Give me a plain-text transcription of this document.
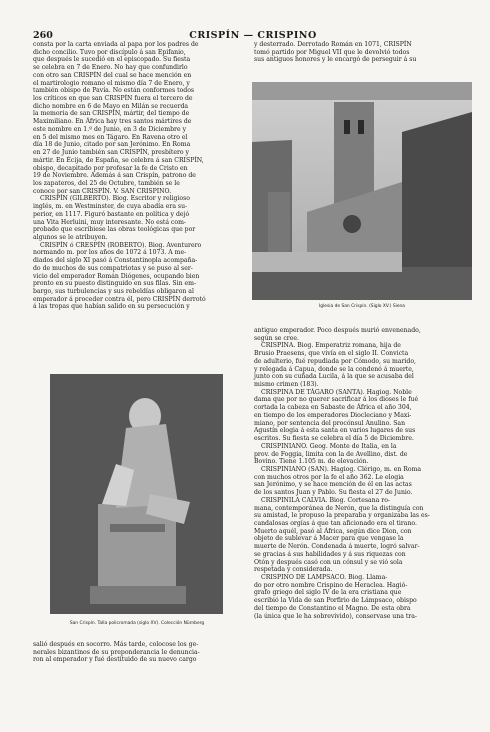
260	CRISPÍN — CRISPINO

consta por la carta enviada al papa por los padres de

dicho concilio. Tuvo por discípulo á san Epifanio,

que después le sucedió en el episcopado. Su fiesta

se celebra en 7 de Enero. No hay que confundirlo

con otro san CRISPÍN del cual se hace mención en

el martirologio romano el mismo día 7 de Enero, y

también obispo de Pavía. No están conformes todos

los críticos en que san CRISPÍN fuera el tercero de

dicho nombre en 6 de Mayo en Milán se recuerda

la memoria de san CRISPÍN, mártir, del tiempo de

Maximiliano. En África hay tres santos mártires de

este nombre en 1.º de Junio, en 3 de Diciembre y

en 5 del mismo mes en Tágaro. En Ravena otro el

día 18 de Junio, citado por san Jerónimo. En Roma

en 27 de Junio también san CRISPÍN, presbítero y

mártir. En Écija, de España, se celebra á san CRISPÍN,

obispo, decapitado por profesar la fe de Cristo en

19 de Noviembre. Además á san Crispín, patrono de

los zapateros, del 25 de Octubre, también se le

conoce por san CRISPÍN. V. SAN CRISPINO.

CRISPÍN (GILBERTO). Biog. Escritor y religioso

inglés, m. en Westminster, de cuya abadía era su-

perior, en 1117. Figuró bastante en política y dejó

una Vita Herluini, muy interesante. No está com-

probado que escribiese las obras teológicas que por

algunos se le atribuyen.

CRISPÍN ó CRESPÍN (ROBERTO). Biog. Aventurero

normando m. por los años de 1072 á 1073. A me-

diados del siglo XI pasó á Constantinopla acompaña-

do de muchos de sus compatriotas y se puso al ser-

vicio del emperador Román Diógenes, ocupando bien

pronto en su puesto distinguido en sus filas. Sin em-

bargo, sus turbulencias y sus rebeldías obligaron al

emperador á proceder contra él, pero CRISPÍN derrotó

á las tropas que habían salido en su persecución y

salió después en socorro. Más tarde, colocose los ge-

nerales bizantinos de su preponderancia le denuncia-

ron al emperador y fué destituido de su nuevo cargo

y desterrado. Derrotado Román en 1071, CRISPÍN

tomó partido por Miguel VII que le devolvió todos

sus antiguos honores y le encargó de perseguir á su

antiguo emperador. Poco después murió envenenado,

según se cree.

CRISPINA. Biog. Emperatriz romana, hija de

Brusio Praesens, que vivía en el siglo II. Convicta

de adulterio, fué repudiada por Cómodo, su marido,

y relegada á Capua, donde se la condenó á muerte,

junto con su cuñada Lucila, á la que se acusaba del

mismo crimen (183).

CRISPINA DE TÁGARO (SANTA). Hagiog. Noble

dama que por no querer sacrificar á los dioses le fué

cortada la cabeza en Sabaste de África el año 304,

en tiempo de los emperadores Diocleciano y Maxi-

miano, por sentencia del procónsul Anulino. San

Agustín elogia á esta santa en varios lugares de sus

escritos. Su fiesta se celebra el día 5 de Diciembre.

CRISPINIANO. Geog. Monte de Italia, en la

prov. de Foggia, limita con la de Avellino, dist. de

Bovino. Tiene 1.105 m. de elevación.

CRISPINIANO (SAN). Hagiog. Clérigo, m. en Roma

con muchos otros por la fe el año 362. Le elogia

san Jerónimo, y se hace mención de él en las actas

de los santos Juan y Pablo. Su fiesta el 27 de Junio.

CRISPINILA CALVIA. Biog. Cortesana ro-

mana, contemporánea de Nerón, que la distinguía con

su amistad, le propuso la preparaba y organizaba las es-

candalosas orgías á que tan aficionado era el tirano.

Muerto aquél, pasó al África, según dice Dion, con

objeto de sublevar á Macer para que vengase la

muerte de Nerón. Condenada á muerte, logró salvar-

se gracias á sus habilidades y á sus riquezas con

Otón y después casó con un cónsul y se vió sola

respetada y considerada.

CRISPINO DE LAMPSACO. Biog. Llama-

do por otro nombre Crispino de Heraclea. Hagió-

grafo griego del siglo IV de la era cristiana que

escribió la Vida de san Porfirio de Lámpsaco, obispo

del tiempo de Constantino el Magno. De esta obra

(la única que le ha sobrevivido), conservase una tra-

Iglesia de San Crispín. (Siglo XV.) Siena
San Crispín. Talla policromada (siglo XV). Colección Nürnberg
